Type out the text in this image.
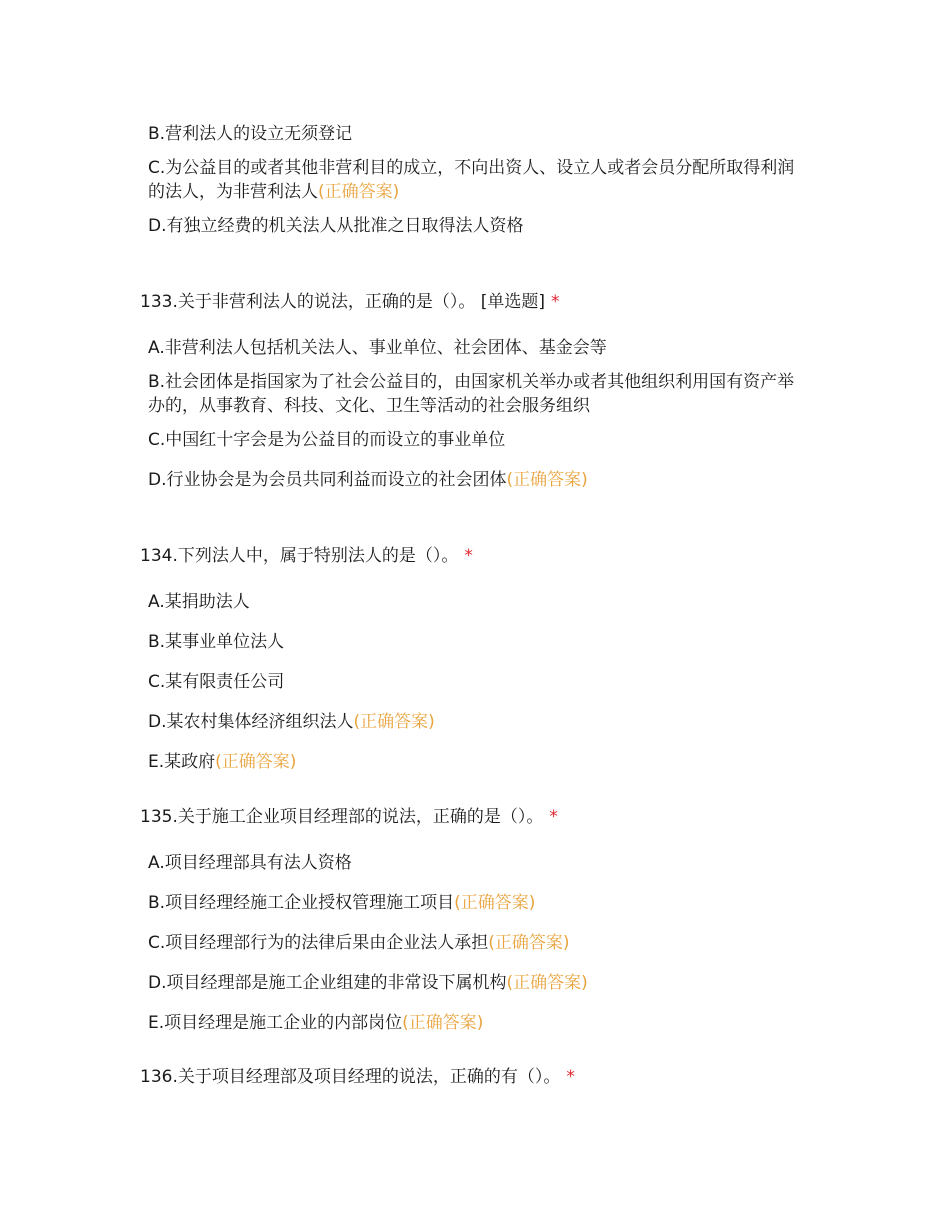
B.营利法人的设立无须登记
C.为公益目的或者其他非营利目的成立，不向出资人、设立人或者会员分配所取得利润的法人，为非营利法人(正确答案)
D.有独立经费的机关法人从批准之日取得法人资格
133.关于非营利法人的说法，正确的是（）。 [单选题] *
A.非营利法人包括机关法人、事业单位、社会团体、基金会等
B.社会团体是指国家为了社会公益目的，由国家机关举办或者其他组织利用国有资产举办的，从事教育、科技、文化、卫生等活动的社会服务组织
C.中国红十字会是为公益目的而设立的事业单位
D.行业协会是为会员共同利益而设立的社会团体(正确答案)
134.下列法人中，属于特别法人的是（）。 *
A.某捐助法人
B.某事业单位法人
C.某有限责任公司
D.某农村集体经济组织法人(正确答案)
E.某政府(正确答案)
135.关于施工企业项目经理部的说法，正确的是（）。 *
A.项目经理部具有法人资格
B.项目经理经施工企业授权管理施工项目(正确答案)
C.项目经理部行为的法律后果由企业法人承担(正确答案)
D.项目经理部是施工企业组建的非常设下属机构(正确答案)
E.项目经理是施工企业的内部岗位(正确答案)
136.关于项目经理部及项目经理的说法，正确的有（）。 *
